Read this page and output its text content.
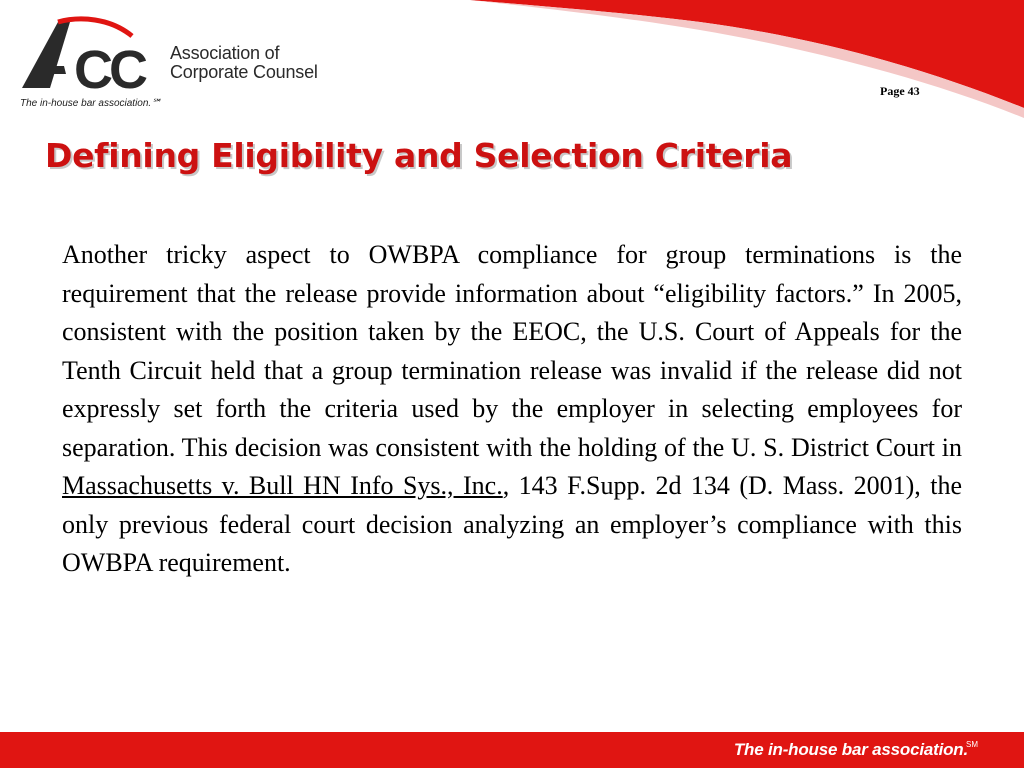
CC Association of
Corporate Counsel
The in-house bar association.℠
Page 43
Defining Eligibility and Selection Criteria

Another tricky aspect to OWBPA compliance for group terminations is the requirement that the release provide information about “eligibility factors.” In 2005, consistent with the position taken by the EEOC, the U.S. Court of Appeals for the Tenth Circuit held that a group termination release was invalid if the release did not expressly set forth the criteria used by the employer in selecting employees for separation. This decision was consistent with the holding of the U. S. District Court in Massachusetts v. Bull HN Info Sys., Inc., 143 F.Supp. 2d 134 (D. Mass. 2001), the only previous federal court decision analyzing an employer’s compliance with this OWBPA requirement.

The in-house bar association.
SM
